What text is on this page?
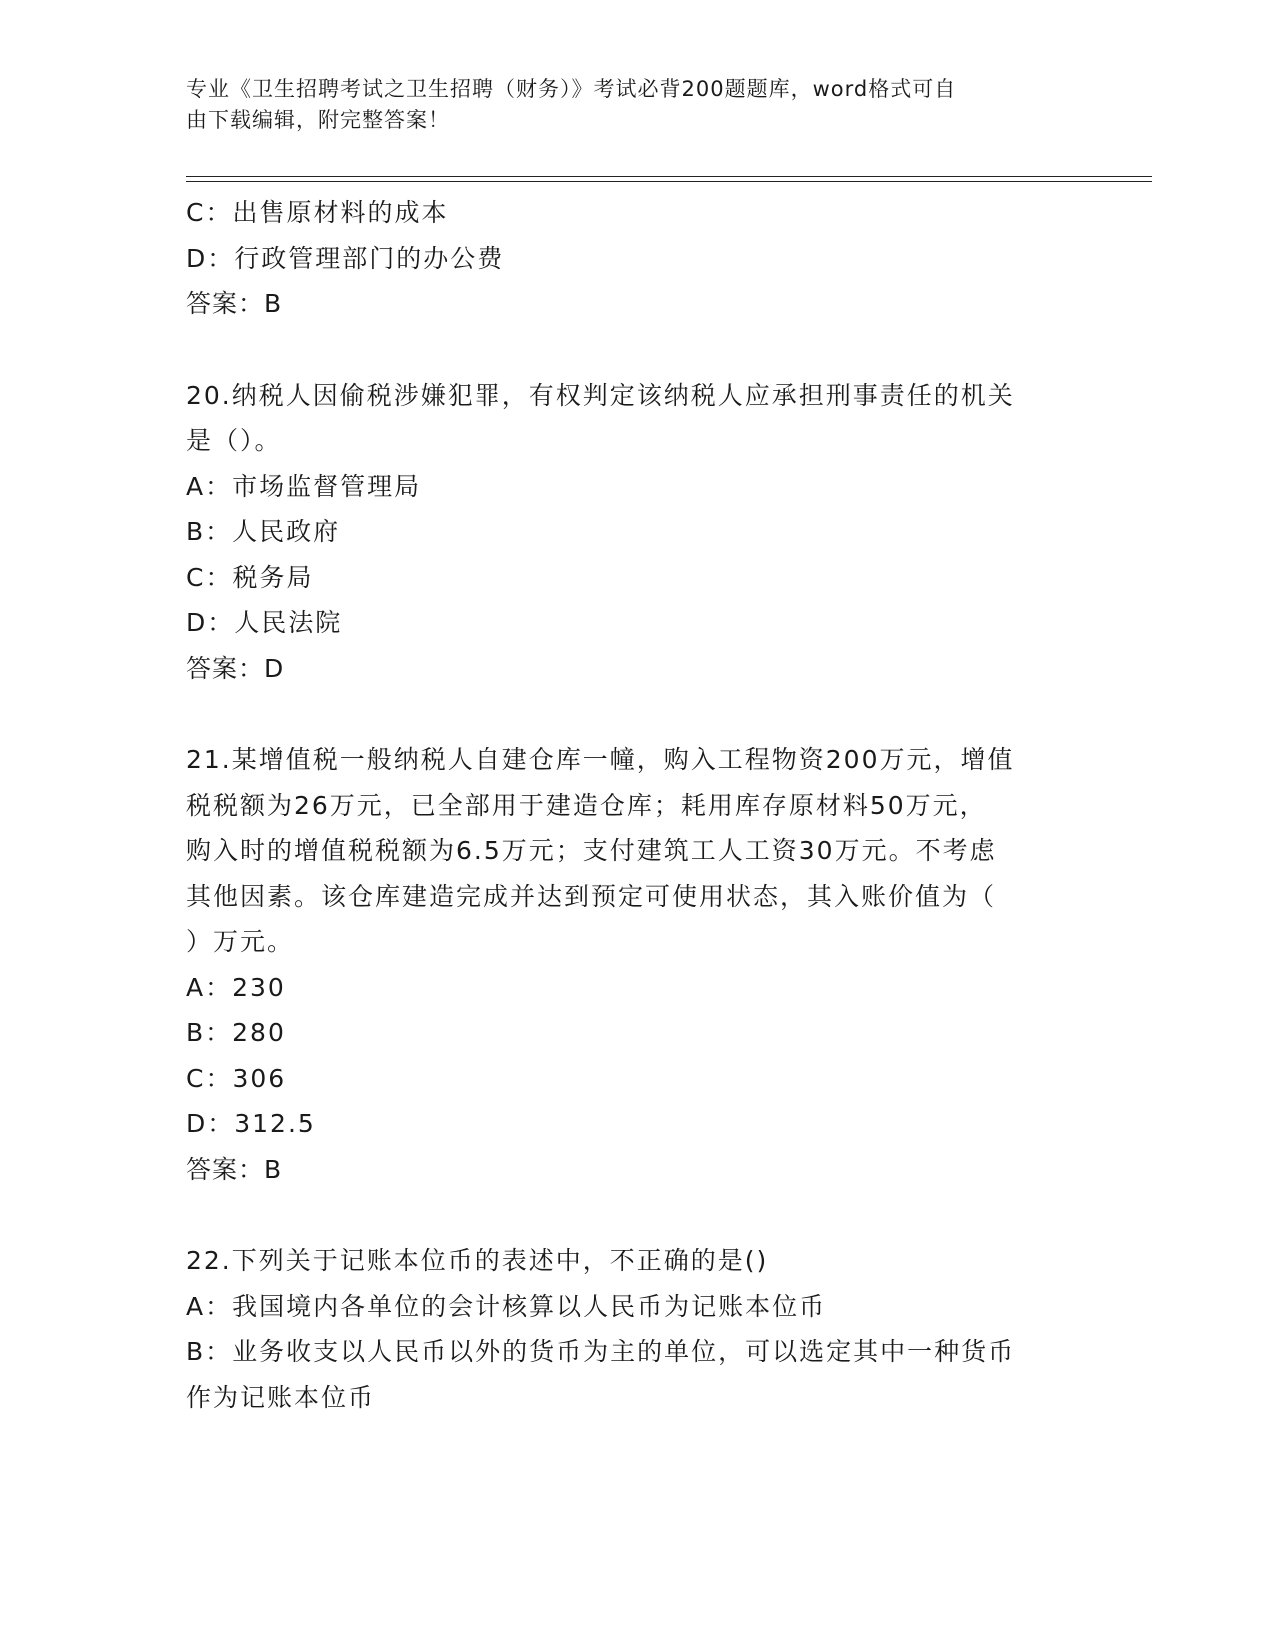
专业《卫生招聘考试之卫生招聘（财务）》考试必背200题题库，word格式可自
由下载编辑，附完整答案！
C：出售原材料的成本
D：行政管理部门的办公费
答案：B
20.纳税人因偷税涉嫌犯罪，有权判定该纳税人应承担刑事责任的机关
是（）。
A：市场监督管理局
B：人民政府
C：税务局
D：人民法院
答案：D
21.某增值税一般纳税人自建仓库一幢，购入工程物资200万元，增值
税税额为26万元，已全部用于建造仓库；耗用库存原材料50万元，
购入时的增值税税额为6.5万元；支付建筑工人工资30万元。不考虑
其他因素。该仓库建造完成并达到预定可使用状态，其入账价值为（
）万元。
A：230
B：280
C：306
D：312.5
答案：B
22.下列关于记账本位币的表述中，不正确的是()
A：我国境内各单位的会计核算以人民币为记账本位币
B：业务收支以人民币以外的货币为主的单位，可以选定其中一种货币
作为记账本位币
